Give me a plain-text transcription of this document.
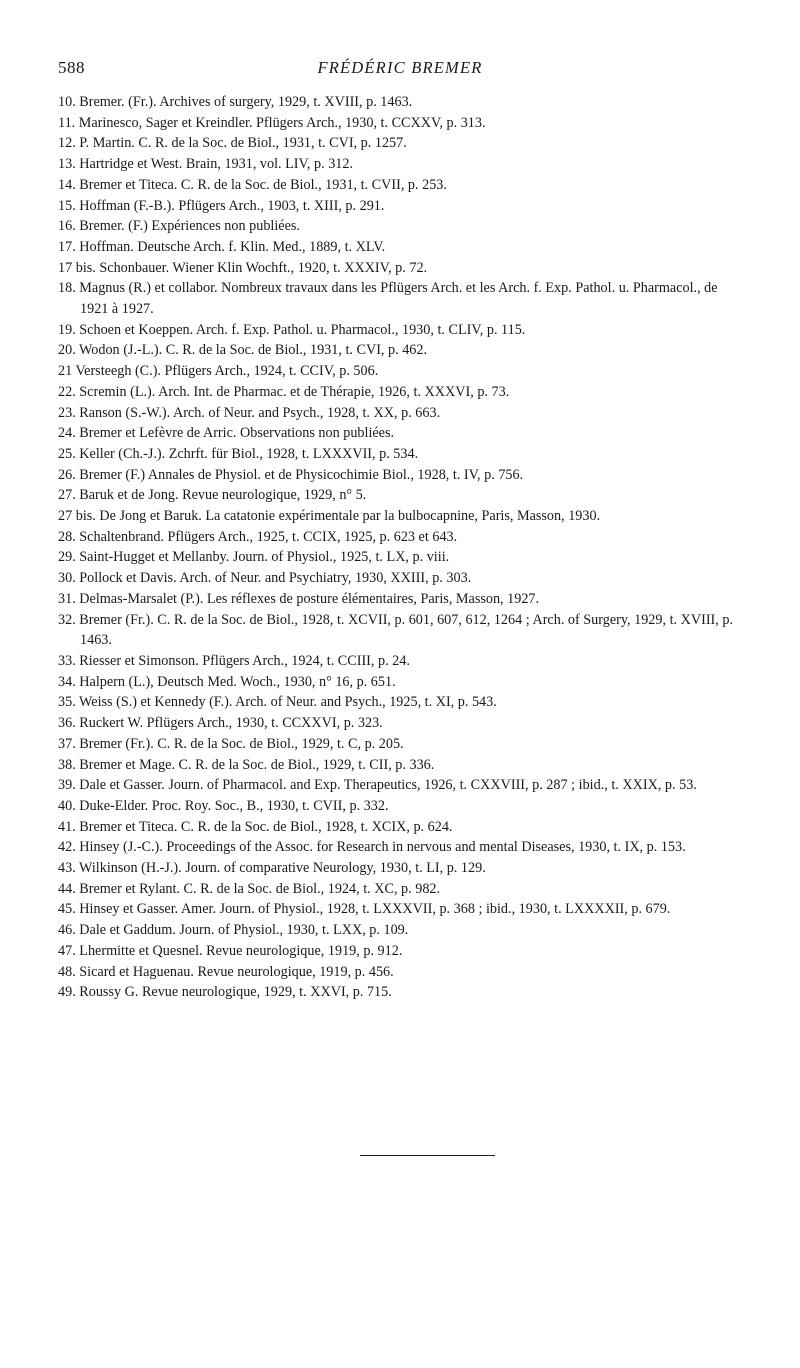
588	FRÉDÉRIC BREMER
10. Bremer. (Fr.). Archives of surgery, 1929, t. XVIII, p. 1463.
11. Marinesco, Sager et Kreindler. Pflügers Arch., 1930, t. CCXXV, p. 313.
12. P. Martin. C. R. de la Soc. de Biol., 1931, t. CVI, p. 1257.
13. Hartridge et West. Brain, 1931, vol. LIV, p. 312.
14. Bremer et Titeca. C. R. de la Soc. de Biol., 1931, t. CVII, p. 253.
15. Hoffman (F.-B.). Pflügers Arch., 1903, t. XIII, p. 291.
16. Bremer. (F.) Expériences non publiées.
17. Hoffman. Deutsche Arch. f. Klin. Med., 1889, t. XLV.
17 bis. Schonbauer. Wiener Klin Wochft., 1920, t. XXXIV, p. 72.
18. Magnus (R.) et collabor. Nombreux travaux dans les Pflügers Arch. et les Arch. f. Exp. Pathol. u. Pharmacol., de 1921 à 1927.
19. Schoen et Koeppen. Arch. f. Exp. Pathol. u. Pharmacol., 1930, t. CLIV, p. 115.
20. Wodon (J.-L.). C. R. de la Soc. de Biol., 1931, t. CVI, p. 462.
21 Versteegh (C.). Pflügers Arch., 1924, t. CCIV, p. 506.
22. Scremin (L.). Arch. Int. de Pharmac. et de Thérapie, 1926, t. XXXVI, p. 73.
23. Ranson (S.-W.). Arch. of Neur. and Psych., 1928, t. XX, p. 663.
24. Bremer et Lefèvre de Arric. Observations non publiées.
25. Keller (Ch.-J.). Zchrft. für Biol., 1928, t. LXXXVII, p. 534.
26. Bremer (F.) Annales de Physiol. et de Physicochimie Biol., 1928, t. IV, p. 756.
27. Baruk et de Jong. Revue neurologique, 1929, n° 5.
27 bis. De Jong et Baruk. La catatonie expérimentale par la bulbocapnine, Paris, Masson, 1930.
28. Schaltenbrand. Pflügers Arch., 1925, t. CCIX, 1925, p. 623 et 643.
29. Saint-Hugget et Mellanby. Journ. of Physiol., 1925, t. LX, p. viii.
30. Pollock et Davis. Arch. of Neur. and Psychiatry, 1930, XXIII, p. 303.
31. Delmas-Marsalet (P.). Les réflexes de posture élémentaires, Paris, Masson, 1927.
32. Bremer (Fr.). C. R. de la Soc. de Biol., 1928, t. XCVII, p. 601, 607, 612, 1264 ; Arch. of Surgery, 1929, t. XVIII, p. 1463.
33. Riesser et Simonson. Pflügers Arch., 1924, t. CCIII, p. 24.
34. Halpern (L.), Deutsch Med. Woch., 1930, n° 16, p. 651.
35. Weiss (S.) et Kennedy (F.). Arch. of Neur. and Psych., 1925, t. XI, p. 543.
36. Ruckert W. Pflügers Arch., 1930, t. CCXXVI, p. 323.
37. Bremer (Fr.). C. R. de la Soc. de Biol., 1929, t. C, p. 205.
38. Bremer et Mage. C. R. de la Soc. de Biol., 1929, t. CII, p. 336.
39. Dale et Gasser. Journ. of Pharmacol. and Exp. Therapeutics, 1926, t. CXXVIII, p. 287 ; ibid., t. XXIX, p. 53.
40. Duke-Elder. Proc. Roy. Soc., B., 1930, t. CVII, p. 332.
41. Bremer et Titeca. C. R. de la Soc. de Biol., 1928, t. XCIX, p. 624.
42. Hinsey (J.-C.). Proceedings of the Assoc. for Research in nervous and mental Diseases, 1930, t. IX, p. 153.
43. Wilkinson (H.-J.). Journ. of comparative Neurology, 1930, t. LI, p. 129.
44. Bremer et Rylant. C. R. de la Soc. de Biol., 1924, t. XC, p. 982.
45. Hinsey et Gasser. Amer. Journ. of Physiol., 1928, t. LXXXVII, p. 368 ; ibid., 1930, t. LXXXXII, p. 679.
46. Dale et Gaddum. Journ. of Physiol., 1930, t. LXX, p. 109.
47. Lhermitte et Quesnel. Revue neurologique, 1919, p. 912.
48. Sicard et Haguenau. Revue neurologique, 1919, p. 456.
49. Roussy G. Revue neurologique, 1929, t. XXVI, p. 715.
